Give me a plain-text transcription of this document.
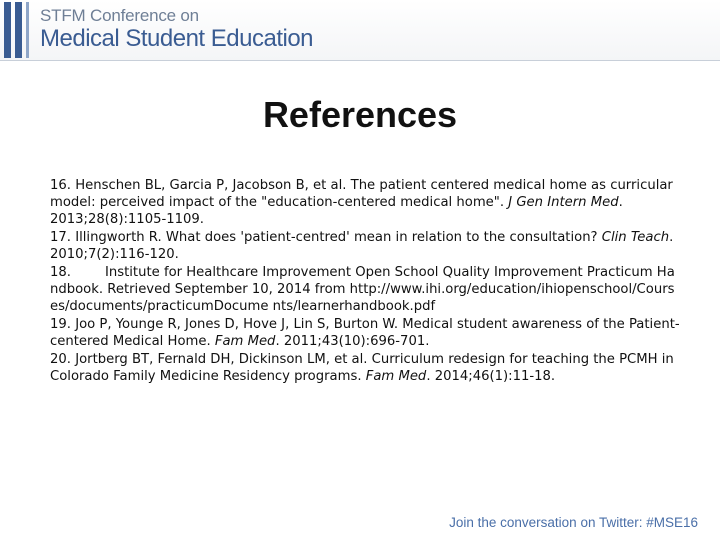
STFM Conference on
Medical Student Education
References
16. Henschen BL, Garcia P, Jacobson B, et al. The patient centered medical home as curricular model: perceived impact of the "education-centered medical home". J Gen Intern Med. 2013;28(8):1105-1109.
17. Illingworth R. What does 'patient-centred' mean in relation to the consultation? Clin Teach. 2010;7(2):116-120.
18.	Institute for Healthcare Improvement Open School Quality Improvement Practicum Handbook. Retrieved September 10, 2014 from http://www.ihi.org/education/ihiopenschool/Courses/documents/practicumDocume nts/learnerhandbook.pdf
19. Joo P, Younge R, Jones D, Hove J, Lin S, Burton W. Medical student awareness of the Patient-centered Medical Home. Fam Med. 2011;43(10):696-701.
20. Jortberg BT, Fernald DH, Dickinson LM, et al. Curriculum redesign for teaching the PCMH in Colorado Family Medicine Residency programs. Fam Med. 2014;46(1):11-18.
Join the conversation on Twitter: #MSE16
